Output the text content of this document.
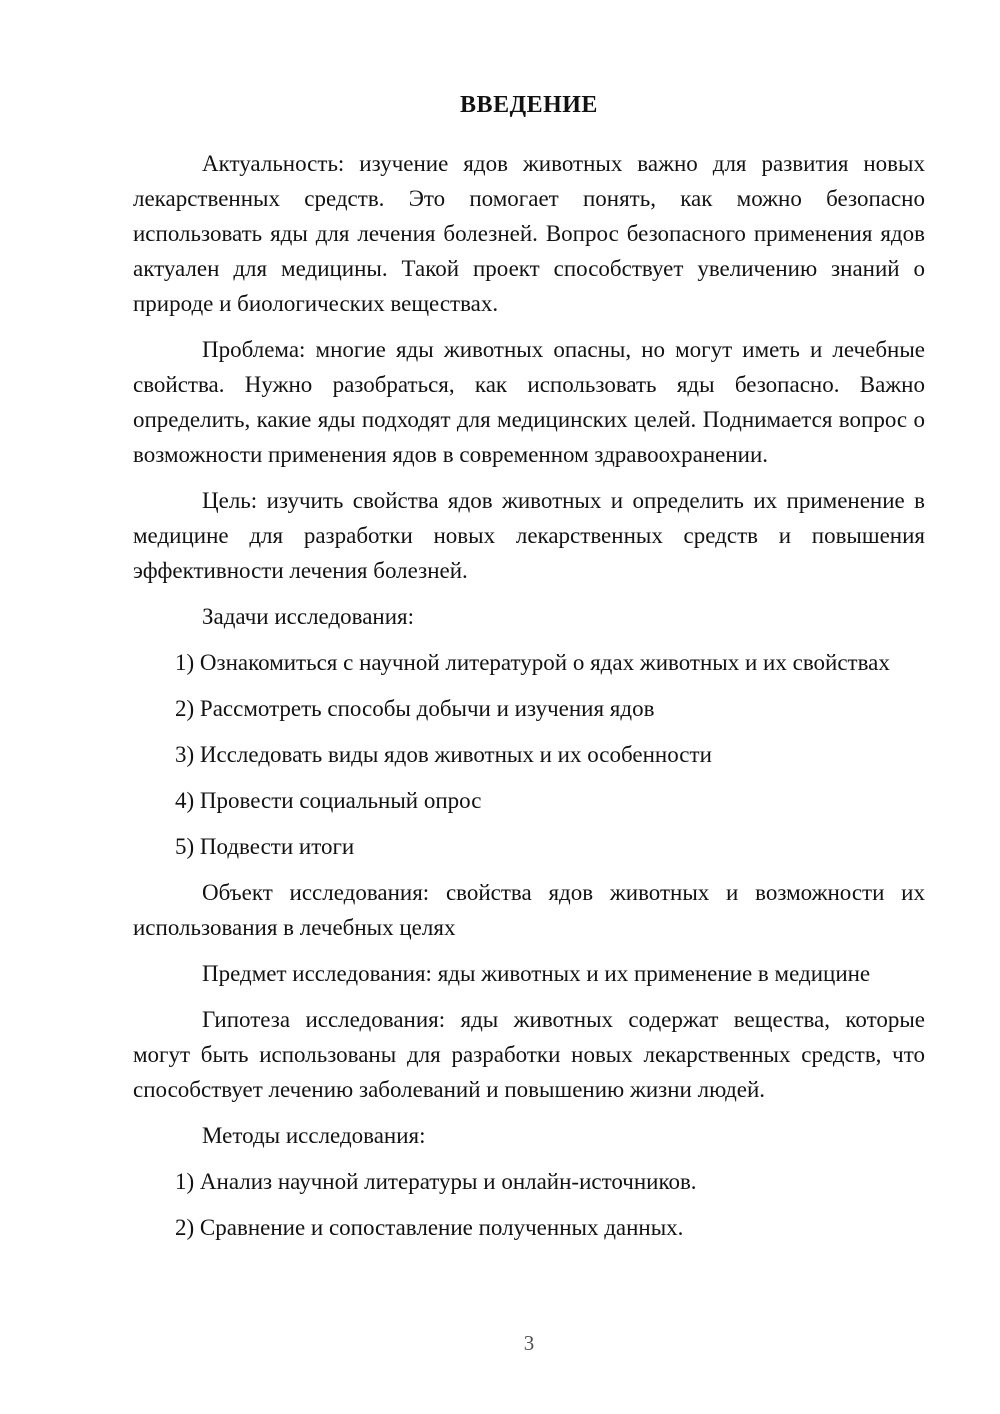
ВВЕДЕНИЕ

Актуальность: изучение ядов животных важно для развития новых лекарственных средств. Это помогает понять, как можно безопасно использовать яды для лечения болезней. Вопрос безопасного применения ядов актуален для медицины. Такой проект способствует увеличению знаний о природе и биологических веществах.

Проблема: многие яды животных опасны, но могут иметь и лечебные свойства. Нужно разобраться, как использовать яды безопасно. Важно определить, какие яды подходят для медицинских целей. Поднимается вопрос о возможности применения ядов в современном здравоохранении.

Цель: изучить свойства ядов животных и определить их применение в медицине для разработки новых лекарственных средств и повышения эффективности лечения болезней.

Задачи исследования:

1) Ознакомиться с научной литературой о ядах животных и их свойствах

2) Рассмотреть способы добычи и изучения ядов

3) Исследовать виды ядов животных и их особенности

4) Провести социальный опрос

5) Подвести итоги

Объект исследования: свойства ядов животных и возможности их использования в лечебных целях

Предмет исследования: яды животных и их применение в медицине

Гипотеза исследования: яды животных содержат вещества, которые могут быть использованы для разработки новых лекарственных средств, что способствует лечению заболеваний и повышению жизни людей.

Методы исследования:

1) Анализ научной литературы и онлайн-источников.

2) Сравнение и сопоставление полученных данных.

3
